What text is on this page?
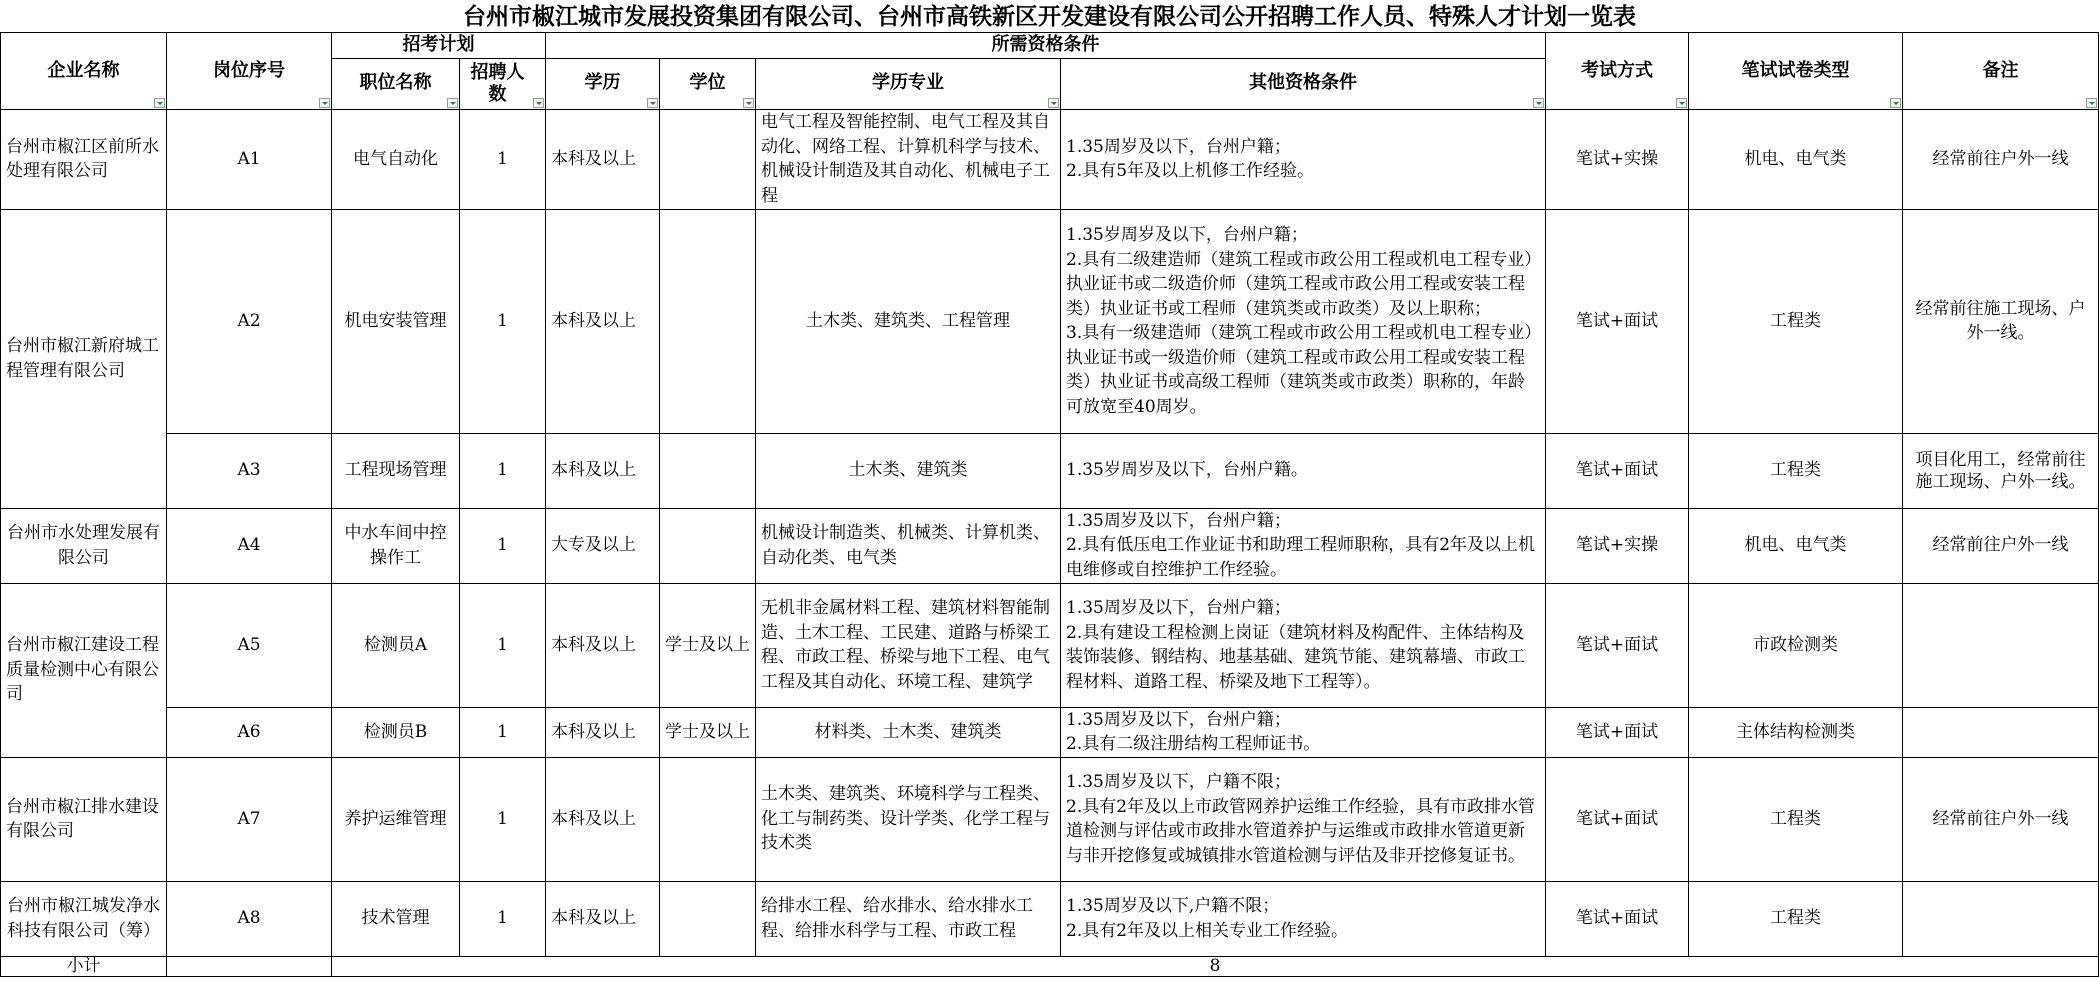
台州市椒江城市发展投资集团有限公司、台州市高铁新区开发建设有限公司公开招聘工作人员、特殊人才计划一览表
企业名称	岗位序号	招考计划		所需资格条件				考试方式	笔试试卷类型	备注

		职位名称	招聘人数	学历	学位	学历专业	其他资格条件			

台州市椒江区前所水处理有限公司	A1	电气自动化	1	本科及以上		电气工程及智能控制、电气工程及其自动化、网络工程、计算机科学与技术、机械设计制造及其自动化、机械电子工程	1.35周岁及以下，台州户籍；
2.具有5年及以上机修工作经验。	笔试+实操	机电、电气类	经常前往户外一线
台州市椒江新府城工程管理有限公司	A2	机电安装管理	1	本科及以上		土木类、建筑类、工程管理	1.35岁周岁及以下，台州户籍；
2.具有二级建造师（建筑工程或市政公用工程或机电工程专业）执业证书或二级造价师（建筑工程或市政公用工程或安装工程类）执业证书或工程师（建筑类或市政类）及以上职称；
3.具有一级建造师（建筑工程或市政公用工程或机电工程专业）执业证书或一级造价师（建筑工程或市政公用工程或安装工程类）执业证书或高级工程师（建筑类或市政类）职称的，年龄可放宽至40周岁。	笔试+面试	工程类	经常前往施工现场、户外一线。
	A3	工程现场管理	1	本科及以上		土木类、建筑类	1.35岁周岁及以下，台州户籍。	笔试+面试	工程类	项目化用工，经常前往施工现场、户外一线。
台州市水处理发展有限公司	A4	中水车间中控操作工	1	大专及以上		机械设计制造类、机械类、计算机类、自动化类、电气类	1.35周岁及以下，台州户籍；
2.具有低压电工作业证书和助理工程师职称，具有2年及以上机电维修或自控维护工作经验。	笔试+实操	机电、电气类	经常前往户外一线
台州市椒江建设工程质量检测中心有限公司	A5	检测员A	1	本科及以上	学士及以上	无机非金属材料工程、建筑材料智能制造、土木工程、工民建、道路与桥梁工程、市政工程、桥梁与地下工程、电气工程及其自动化、环境工程、建筑学	1.35周岁及以下，台州户籍；
2.具有建设工程检测上岗证（建筑材料及构配件、主体结构及装饰装修、钢结构、地基基础、建筑节能、建筑幕墙、市政工程材料、道路工程、桥梁及地下工程等）。	笔试+面试	市政检测类	
	A6	检测员B	1	本科及以上	学士及以上	材料类、土木类、建筑类	1.35周岁及以下，台州户籍；
2.具有二级注册结构工程师证书。	笔试+面试	主体结构检测类	
台州市椒江排水建设有限公司	A7	养护运维管理	1	本科及以上		土木类、建筑类、环境科学与工程类、化工与制药类、设计学类、化学工程与技术类	1.35周岁及以下，户籍不限；
2.具有2年及以上市政管网养护运维工作经验，具有市政排水管道检测与评估或市政排水管道养护与运维或市政排水管道更新与非开挖修复或城镇排水管道检测与评估及非开挖修复证书。	笔试+面试	工程类	经常前往户外一线
台州市椒江城发净水科技有限公司（筹）	A8	技术管理	1	本科及以上		给排水工程、给水排水、给水排水工程、给排水科学与工程、市政工程	1.35周岁及以下,户籍不限；
2.具有2年及以上相关专业工作经验。	笔试+面试	工程类	
小计		8								
